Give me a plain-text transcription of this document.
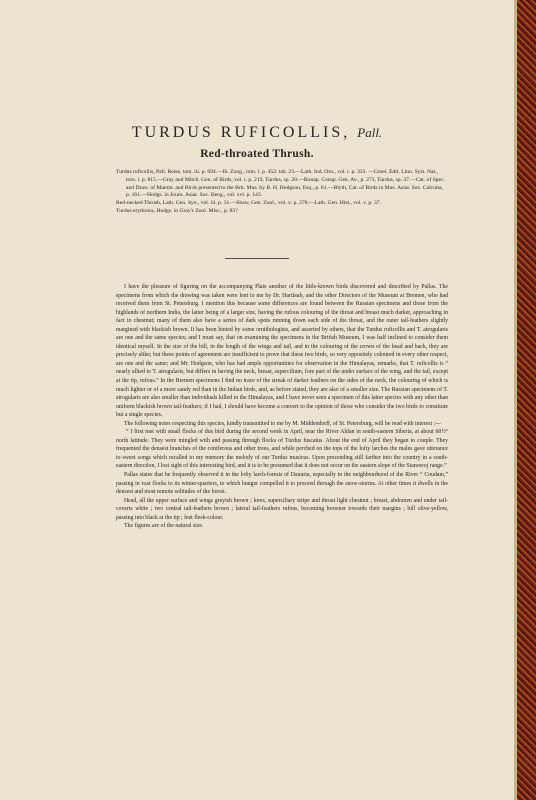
TURDUS RUFICOLLIS, Pall.
Red-throated Thrush.

Turdus ruficollis, Pall. Reise, tom. iii. p. 694.—Ib. Zoog., tom. i. p. 452. tab. 23.—Lath. Ind. Orn., vol. i. p. 333. —Gmel. Edit. Linn. Syst. Nat., tom. i. p. 815.—Gray and Mitch. Gen. of Birds, vol. i. p. 219, Turdus, sp. 20.—Bonap. Consp. Gen. Av., p. 273, Turdus, sp. 37.—Cat. of Spec. and Draw. of Mamm. and Birds presented to the Brit. Mus. by B. H. Hodgson, Esq., p. 81.—Blyth, Cat. of Birds in Mus. Asiat. Soc. Calcutta, p. 161.—Hodgs. in Journ. Asiat. Soc. Beng., vol. xvi. p. 143.

Red-necked Thrush, Lath. Gen. Syn., vol. iii. p. 31.—Shaw, Gen. Zool., vol. x. p. 278.—Lath. Gen. Hist., vol. v. p. 37.

Turdus erythrura, Hodgs. in Gray's Zool. Misc., p. 83?

I have the pleasure of figuring on the accompanying Plate another of the little-known birds discovered and described by Pallas. The specimens from which the drawing was taken were lent to me by Dr. Hartlaub, and the other Directors of the Museum at Bremen, who had received them from St. Petersburg. I mention this because some differences are found between the Russian specimens and those from the highlands of northern India, the latter being of a larger size, having the rufous colouring of the throat and breast much darker, approaching in fact to chestnut; many of them also have a series of dark spots running down each side of the throat, and the outer tail-feathers slightly margined with blackish brown. It has been hinted by some ornithologists, and asserted by others, that the Turdus ruficollis and T. atrogularis are one and the same species; and I must say, that on examining the specimens in the British Museum, I was half inclined to consider them identical myself. In the size of the bill, in the length of the wings and tail, and in the colouring of the crown of the head and back, they are precisely alike; but these points of agreement are insufficient to prove that these two birds, so very oppositely coloured in every other respect, are one and the same; and Mr. Hodgson, who has had ample opportunities for observation in the Himalayas, remarks, that T. ruficollis is “ nearly allied to T. atrogularis, but differs in having the neck, breast, supercilium, fore part of the under surface of the wing, and the tail, except at the tip, rufous.” In the Bremen specimens I find no trace of the streak of darker feathers on the sides of the neck, the colouring of which is much lighter or of a more sandy red than in the Indian birds, and, as before stated, they are also of a smaller size. The Russian specimens of T. atrogularis are also smaller than individuals killed in the Himalayas, and I have never seen a specimen of this latter species with any other than uniform blackish brown tail-feathers; if I had, I should have become a convert to the opinion of those who consider the two birds to constitute but a single species.

The following notes respecting this species, kindly transmitted to me by M. Middendorff, of St. Petersburg, will be read with interest :—

“ I first met with small flocks of this bird during the second week in April, near the River Aldan in south-eastern Siberia, at about 60½° north latitude. They were mingled with and passing through flocks of Turdus fuscatus. About the end of April they began to couple. They frequented the densest branches of the coniferous and other trees, and while perched on the tops of the lofty larches the males gave utterance to sweet songs which recalled to my memory the melody of our Turdus musicus. Upon proceeding still farther into the country in a south-eastern direction, I lost sight of this interesting bird, and it is to be presumed that it does not occur on the eastern slope of the Stanowoj range.”

Pallas states that he frequently observed it in the lofty larch-forests of Dauuria, especially in the neighbourhood of the River “ Coudam,” passing in vast flocks to its winter-quarters, to which hunger compelled it to proceed through the snow-storms. At other times it dwells in the densest and most remote solitudes of the forest.

Head, all the upper surface and wings greyish brown ; lores, superciliary stripe and throat light chestnut ; breast, abdomen and under tail-coverts white ; two central tail-feathers brown ; lateral tail-feathers rufous, becoming browner towards their margins ; bill olive-yellow, passing into black at the tip ; feet flesh-colour.

The figures are of the natural size.
